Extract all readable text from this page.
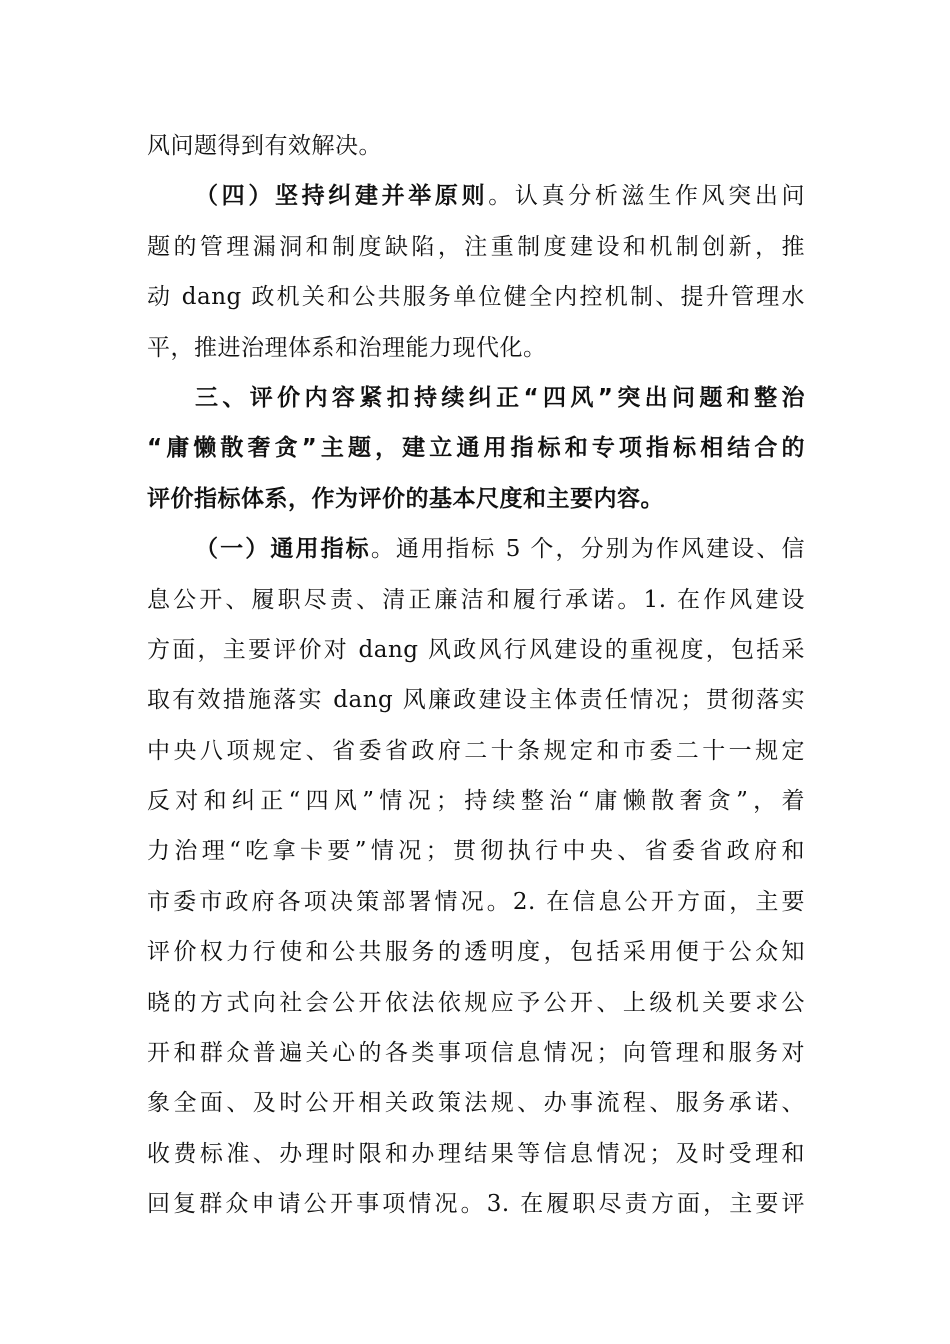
风问题得到有效解决。
（四）坚持纠建并举原则。认真分析滋生作风突出问
题的管理漏洞和制度缺陷，注重制度建设和机制创新，推
动 dang 政机关和公共服务单位健全内控机制、提升管理水
平，推进治理体系和治理能力现代化。
三、评价内容紧扣持续纠正“四风”突出问题和整治
“庸懒散奢贪”主题，建立通用指标和专项指标相结合的
评价指标体系，作为评价的基本尺度和主要内容。
（一）通用指标。通用指标 5 个，分别为作风建设、信
息公开、履职尽责、清正廉洁和履行承诺。1. 在作风建设
方面，主要评价对 dang 风政风行风建设的重视度，包括采
取有效措施落实 dang 风廉政建设主体责任情况；贯彻落实
中央八项规定、省委省政府二十条规定和市委二十一规定
反对和纠正“四风”情况；持续整治“庸懒散奢贪”，着
力治理“吃拿卡要”情况；贯彻执行中央、省委省政府和
市委市政府各项决策部署情况。2. 在信息公开方面，主要
评价权力行使和公共服务的透明度，包括采用便于公众知
晓的方式向社会公开依法依规应予公开、上级机关要求公
开和群众普遍关心的各类事项信息情况；向管理和服务对
象全面、及时公开相关政策法规、办事流程、服务承诺、
收费标准、办理时限和办理结果等信息情况；及时受理和
回复群众申请公开事项情况。3. 在履职尽责方面，主要评
